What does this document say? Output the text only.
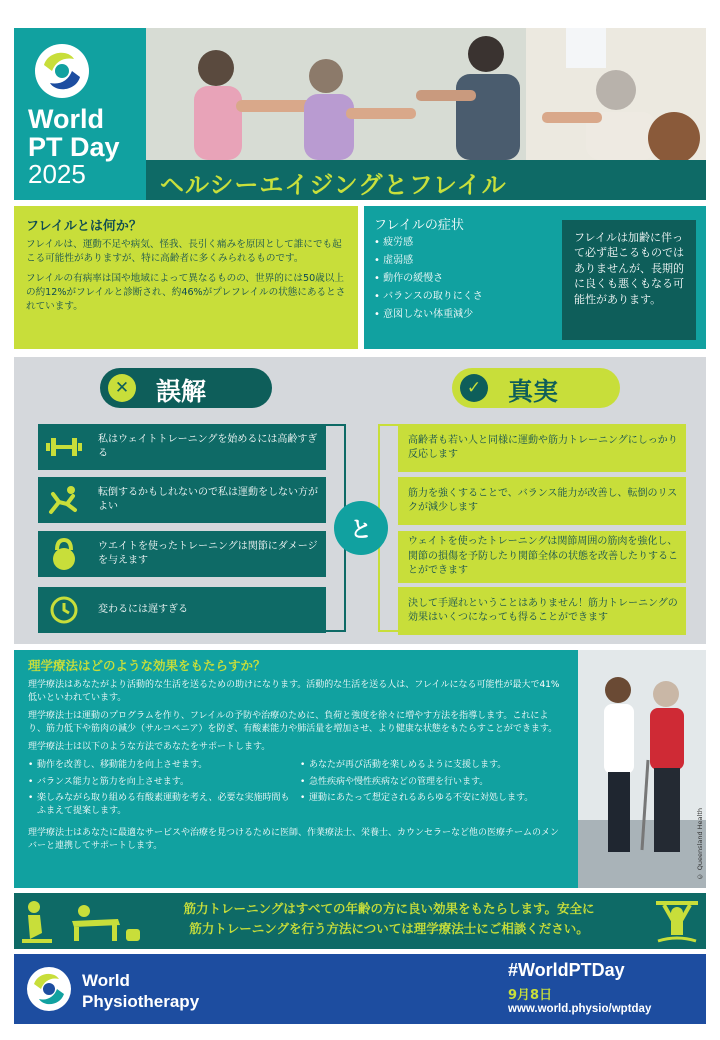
World
PT Day
2025	ヘルシーエイジングとフレイル
フレイルとは何か？

フレイルは、運動不足や病気、怪我、長引く痛みを原因として誰にでも起こる可能性がありますが、特に高齢者に多くみられるものです。

フレイルの有病率は国や地域によって異なるものの、世界的には50歳以上の約12%がフレイルと診断され、約46%がプレフレイルの状態にあるとされています。

フレイルの症状
• 疲労感
• 虚弱感
• 動作の緩慢さ
• バランスの取りにくさ
• 意図しない体重減少
フレイルは加齢に伴って必ず起こるものではありませんが、長期的に良くも悪くもなる可能性があります。
✕ 誤解	✓ 真実
私はウェイトトレーニングを始めるには高齢すぎる
転倒するかもしれないので私は運動をしない方がよい
ウエイトを使ったトレーニングは関節にダメージを与えます
変わるには遅すぎる
と
高齢者も若い人と同様に運動や筋力トレーニングにしっかり反応します
筋力を強くすることで、バランス能力が改善し、転倒のリスクが減少します
ウェイトを使ったトレーニングは関節周囲の筋肉を強化し、関節の損傷を予防したり関節全体の状態を改善したりすることができます
決して手遅れということはありません！筋力トレーニングの効果はいくつになっても得ることができます
理学療法はどのような効果をもたらすか？

理学療法はあなたがより活動的な生活を送るための助けになります。活動的な生活を送る人は、フレイルになる可能性が最大で41%低いといわれています。

理学療法士は運動のプログラムを作り、フレイルの予防や治療のために、負荷と強度を徐々に増やす方法を指導します。これにより、筋力低下や筋肉の減少（サルコペニア）を防ぎ、有酸素能力や肺活量を増加させ、より健康な状態をもたらすことができます。

理学療法士は以下のような方法であなたをサポートします。

• 動作を改善し、移動能力を向上させます。
• バランス能力と筋力を向上させます。
• 楽しみながら取り組める有酸素運動を考え、必要な実施時間もふまえて提案します。
• あなたが再び活動を楽しめるように支援します。
• 急性疾病や慢性疾病などの管理を行います。
• 運動にあたって想定されるあらゆる不安に対処します。

理学療法士はあなたに最適なサービスや治療を見つけるために医師、作業療法士、栄養士、カウンセラーなど他の医療チームのメンバーと連携してサポートします。	© Queensland Health
筋力トレーニングはすべての年齢の方に良い効果をもたらします。安全に
筋力トレーニングを行う方法については理学療法士にご相談ください。
World
Physiotherapy
#WorldPTDay
9月8日
www.world.physio/wptday
